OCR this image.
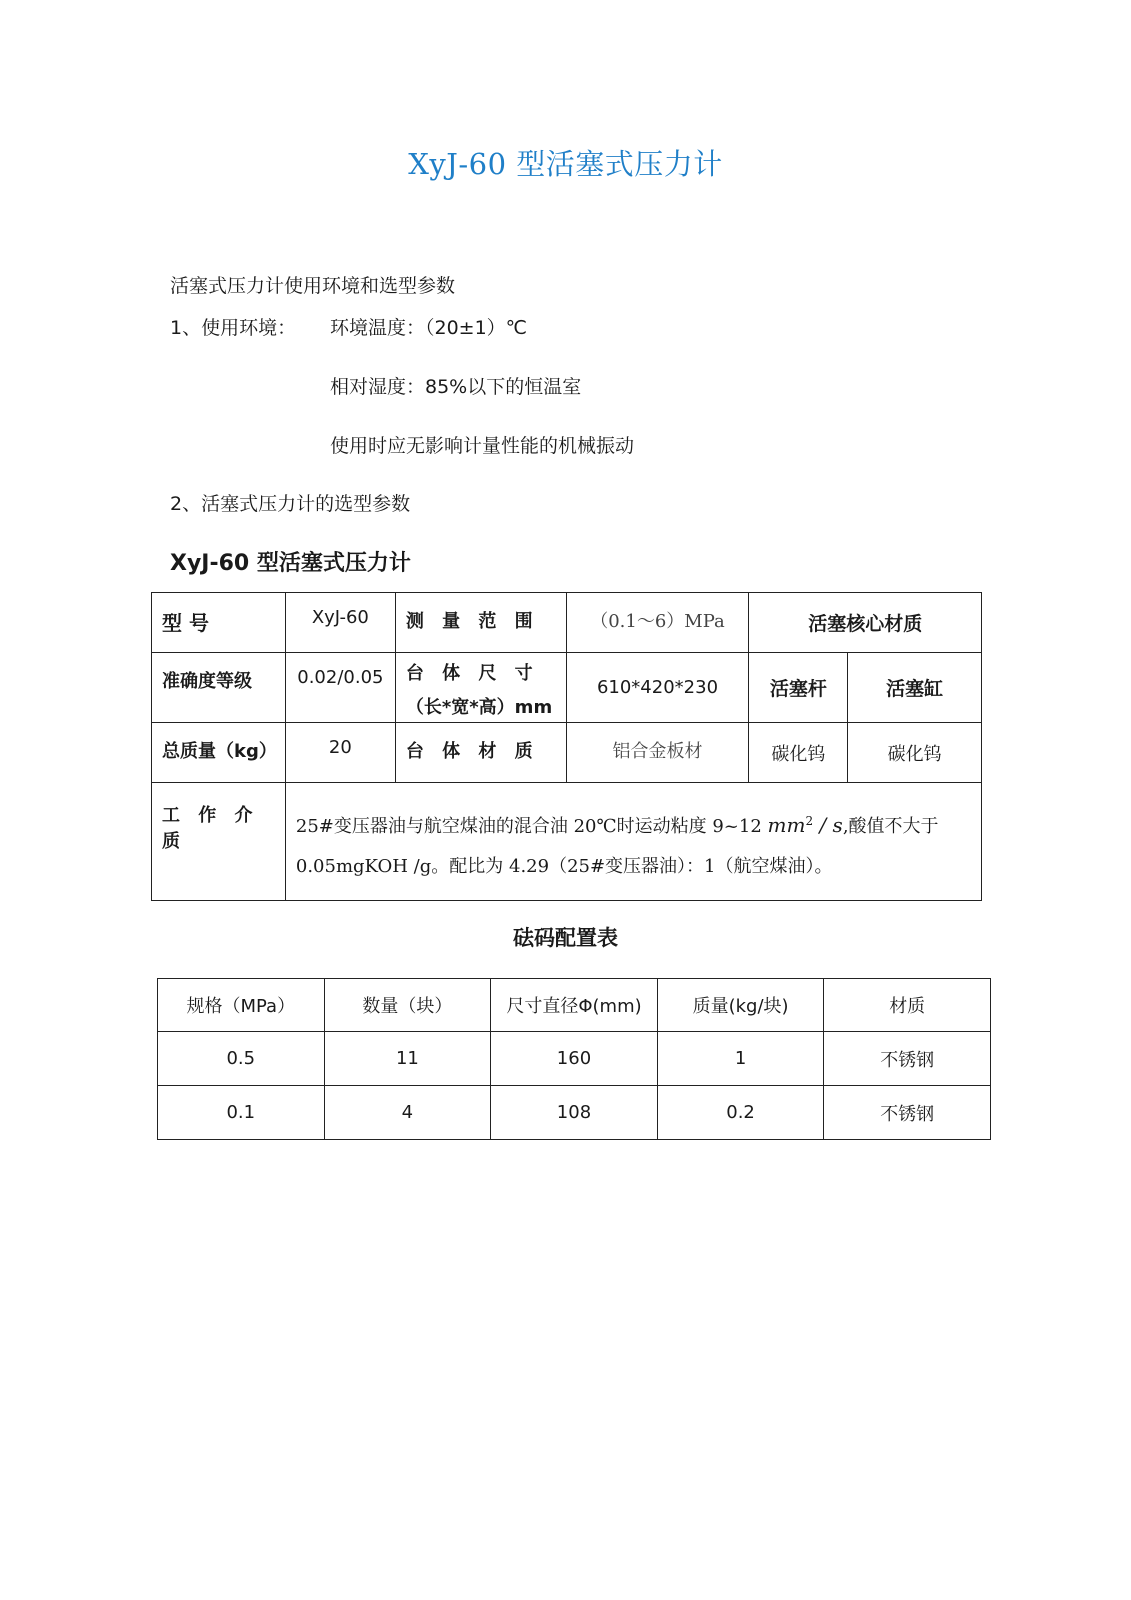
XyJ-60 型活塞式压力计
活塞式压力计使用环境和选型参数
1、使用环境： 环境温度：（20±1）℃
相对湿度：85%以下的恒温室
使用时应无影响计量性能的机械振动
2、活塞式压力计的选型参数
XyJ-60 型活塞式压力计
型 号	XyJ-60	测 量 范 围	（0.1～6）MPa	活塞核心材质	
准确度等级	0.02/0.05	台 体 尺 寸
（长*宽*高）mm	610*420*230	活塞杆	活塞缸
总质量（kg）	20	台 体 材 质	铝合金板材	碳化钨	碳化钨
工 作 介 质	25#变压器油与航空煤油的混合油 20℃时运动粘度 9~12 $mm^2$ / s,酸值不大于
0.05mgKOH /g。配比为 4.29（25#变压器油）：1（航空煤油）。				
砝码配置表
规格（MPa）	数量（块）	尺寸直径Φ(mm)	质量(kg/块)	材质
0.5	11	160	1	不锈钢
0.1	4	108	0.2	不锈钢
